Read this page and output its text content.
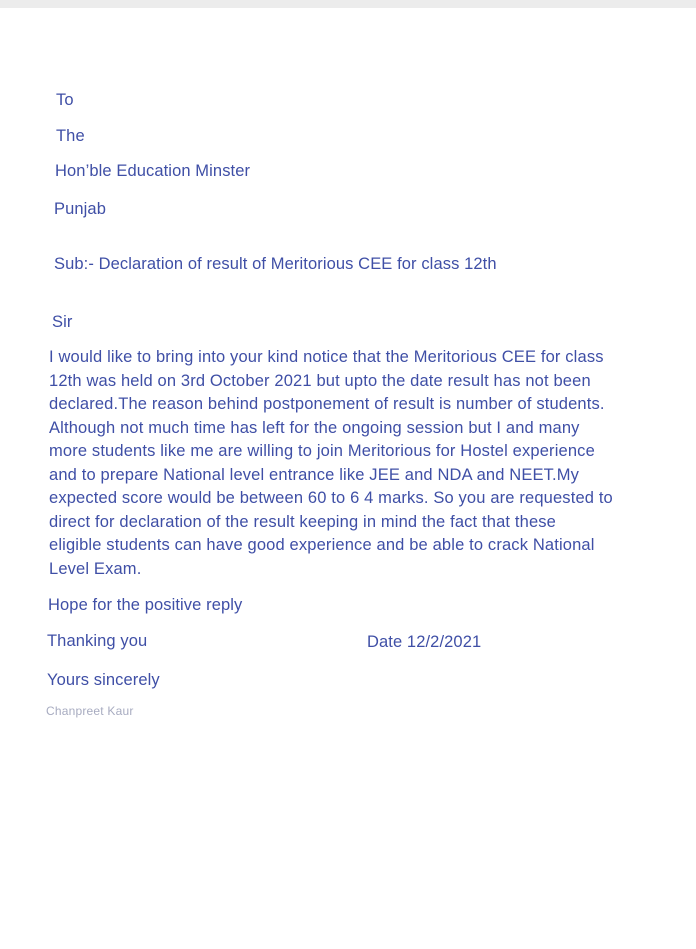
To
The
Hon’ble Education Minster
Punjab
Sub:- Declaration of result of Meritorious CEE for class 12th
Sir
I would like to bring into your kind notice that the Meritorious CEE for class
12th was held on 3rd October 2021 but upto the date result has not been
declared.The reason behind postponement of result is number of students.
Although not much time has left for the ongoing session but I and many
more students like me are willing to join Meritorious for Hostel experience
and to prepare National level entrance like JEE and NDA and NEET.My
expected score would be between 60 to 6 4 marks. So you are requested to
direct for declaration of the result keeping in mind the fact that these
eligible students can have good experience and be able to crack National
Level Exam.
Hope for the positive reply
Thanking you	Date 12/2/2021
Yours sincerely
Chanpreet Kaur
